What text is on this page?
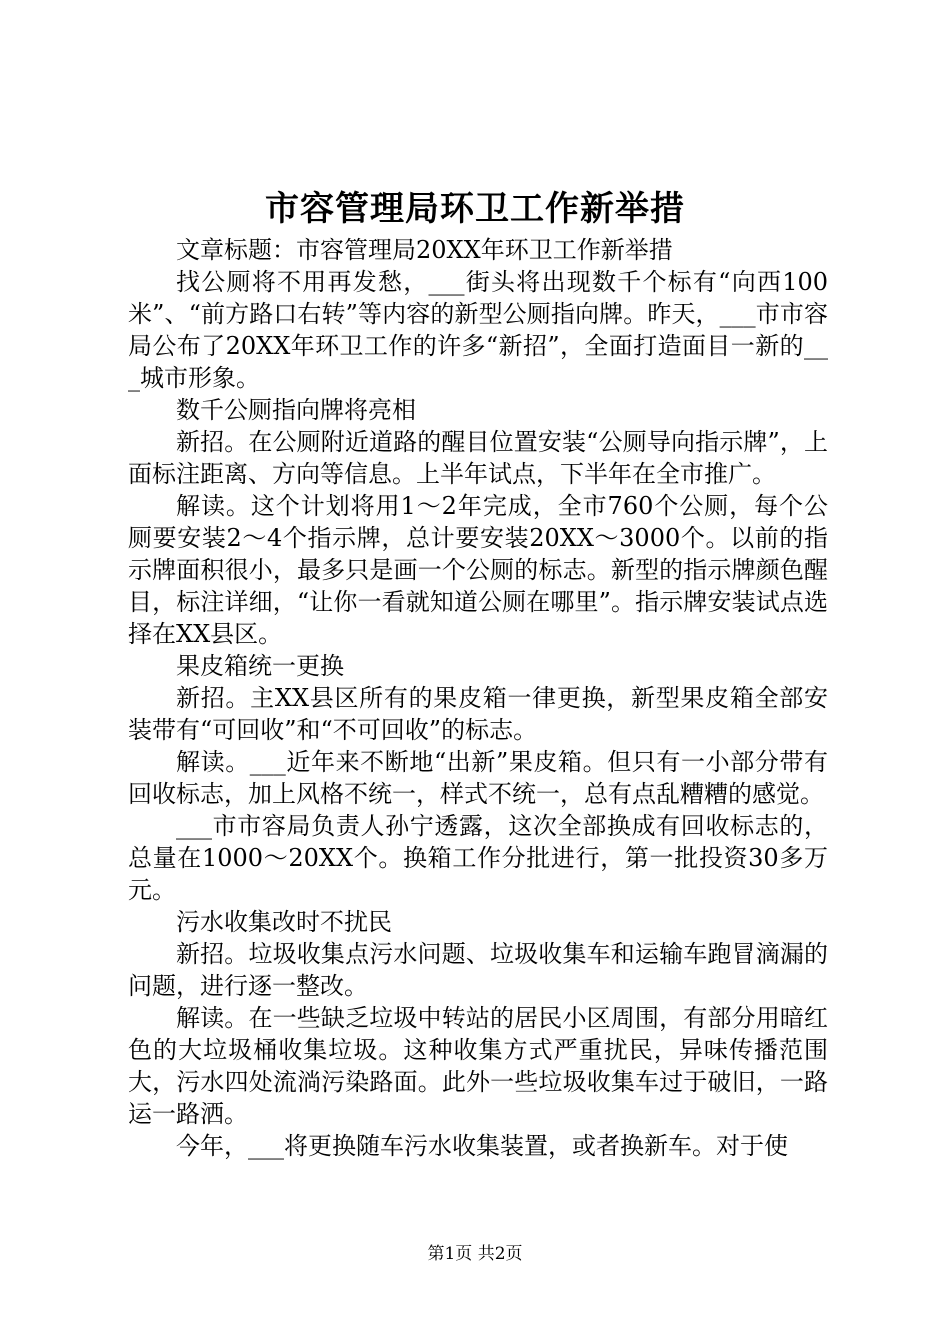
市容管理局环卫工作新举措

文章标题：市容管理局20XX年环卫工作新举措

找公厕将不用再发愁，___街头将出现数千个标有“向西100米”、“前方路口右转”等内容的新型公厕指向牌。昨天，___市市容局公布了20XX年环卫工作的许多“新招”，全面打造面目一新的___城市形象。

数千公厕指向牌将亮相

新招。在公厕附近道路的醒目位置安装“公厕导向指示牌”，上面标注距离、方向等信息。上半年试点，下半年在全市推广。

解读。这个计划将用1～2年完成，全市760个公厕，每个公厕要安装2～4个指示牌，总计要安装20XX～3000个。以前的指示牌面积很小，最多只是画一个公厕的标志。新型的指示牌颜色醒目，标注详细，“让你一看就知道公厕在哪里”。指示牌安装试点选择在XX县区。

果皮箱统一更换

新招。主XX县区所有的果皮箱一律更换，新型果皮箱全部安装带有“可回收”和“不可回收”的标志。

解读。___近年来不断地“出新”果皮箱。但只有一小部分带有回收标志，加上风格不统一，样式不统一，总有点乱糟糟的感觉。

___市市容局负责人孙宁透露，这次全部换成有回收标志的，总量在1000～20XX个。换箱工作分批进行，第一批投资30多万元。

污水收集改时不扰民

新招。垃圾收集点污水问题、垃圾收集车和运输车跑冒滴漏的问题，进行逐一整改。

解读。在一些缺乏垃圾中转站的居民小区周围，有部分用暗红色的大垃圾桶收集垃圾。这种收集方式严重扰民，异味传播范围大，污水四处流淌污染路面。此外一些垃圾收集车过于破旧，一路运一路洒。

今年，___将更换随车污水收集装置，或者换新车。对于使

第1页 共2页
